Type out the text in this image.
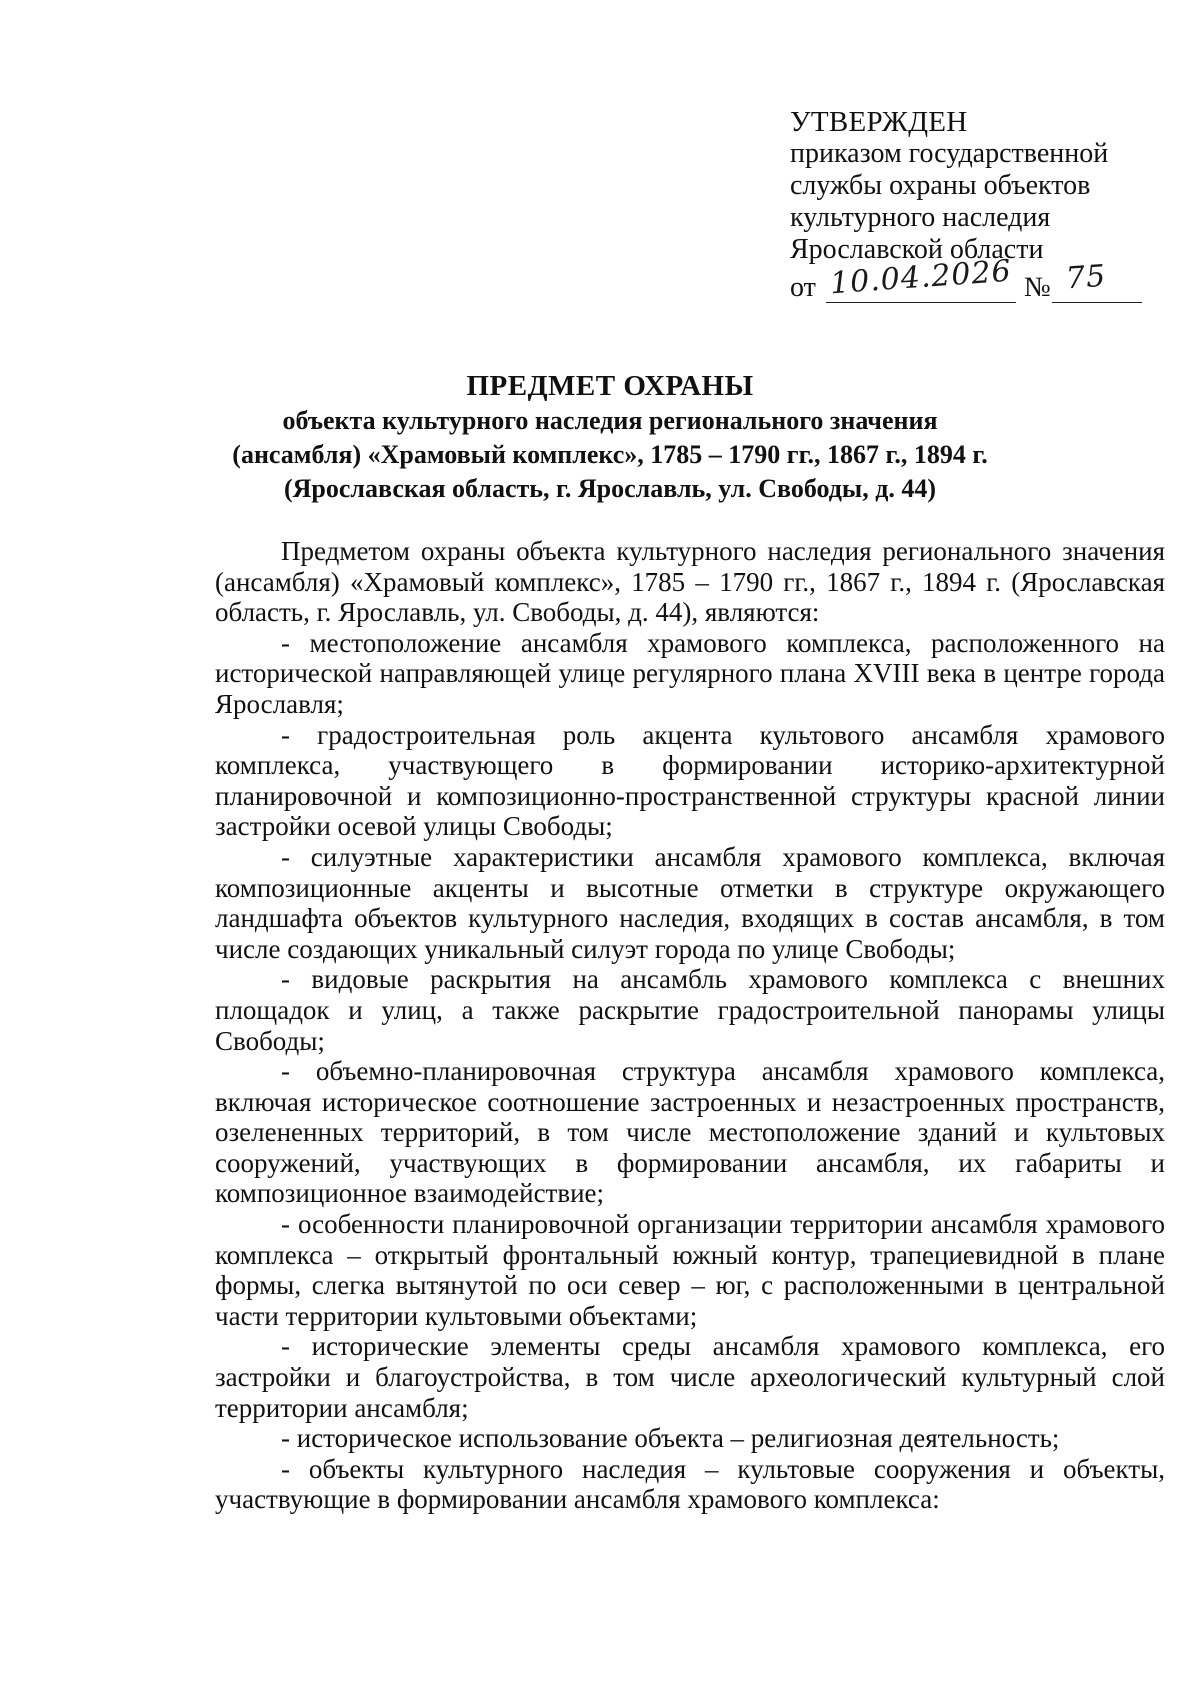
УТВЕРЖДЕН
приказом государственной
службы охраны объектов
культурного наследия
Ярославской области
от 10.04.2026 № 75
ПРЕДМЕТ ОХРАНЫ
объекта культурного наследия регионального значения
(ансамбля) «Храмовый комплекс», 1785 – 1790 гг., 1867 г., 1894 г.
(Ярославская область, г. Ярославль, ул. Свободы, д. 44)

Предметом охраны объекта культурного наследия регионального значения (ансамбля) «Храмовый комплекс», 1785 – 1790 гг., 1867 г., 1894 г. (Ярославская область, г. Ярославль, ул. Свободы, д. 44), являются:

- местоположение ансамбля храмового комплекса, расположенного на исторической направляющей улице регулярного плана XVIII века в центре города Ярославля;

- градостроительная роль акцента культового ансамбля храмового комплекса, участвующего в формировании историко-архитектурной планировочной и композиционно-пространственной структуры красной линии застройки осевой улицы Свободы;

- силуэтные характеристики ансамбля храмового комплекса, включая композиционные акценты и высотные отметки в структуре окружающего ландшафта объектов культурного наследия, входящих в состав ансамбля, в том числе создающих уникальный силуэт города по улице Свободы;

- видовые раскрытия на ансамбль храмового комплекса с внешних площадок и улиц, а также раскрытие градостроительной панорамы улицы Свободы;

- объемно-планировочная структура ансамбля храмового комплекса, включая историческое соотношение застроенных и незастроенных пространств, озелененных территорий, в том числе местоположение зданий и культовых сооружений, участвующих в формировании ансамбля, их габариты и композиционное взаимодействие;

- особенности планировочной организации территории ансамбля храмового комплекса – открытый фронтальный южный контур, трапециевидной в плане формы, слегка вытянутой по оси север – юг, с расположенными в центральной части территории культовыми объектами;

- исторические элементы среды ансамбля храмового комплекса, его застройки и благоустройства, в том числе археологический культурный слой территории ансамбля;

- историческое использование объекта – религиозная деятельность;

- объекты культурного наследия – культовые сооружения и объекты, участвующие в формировании ансамбля храмового комплекса:
